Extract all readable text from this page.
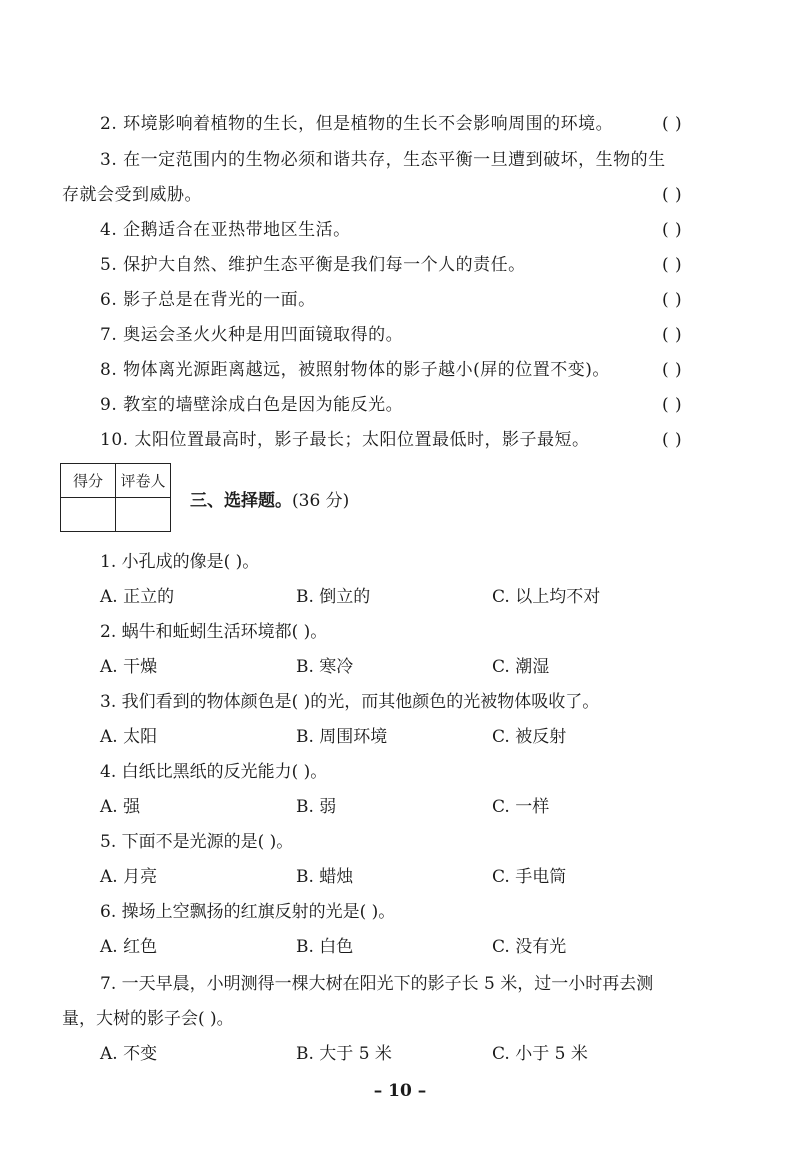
2. 环境影响着植物的生长，但是植物的生长不会影响周围的环境。	( )
3. 在一定范围内的生物必须和谐共存，生态平衡一旦遭到破坏，生物的生
存就会受到威胁。	( )
4. 企鹅适合在亚热带地区生活。	( )
5. 保护大自然、维护生态平衡是我们每一个人的责任。	( )
6. 影子总是在背光的一面。	( )
7. 奥运会圣火火种是用凹面镜取得的。	( )
8. 物体离光源距离越远，被照射物体的影子越小(屏的位置不变)。	( )
9. 教室的墙壁涂成白色是因为能反光。	( )
10. 太阳位置最高时，影子最长；太阳位置最低时，影子最短。	( )
得分	评卷人

三、选择题。(36 分)
1. 小孔成的像是( )。
A. 正立的	B. 倒立的	C. 以上均不对
2. 蜗牛和蚯蚓生活环境都( )。
A. 干燥	B. 寒冷	C. 潮湿
3. 我们看到的物体颜色是( )的光，而其他颜色的光被物体吸收了。
A. 太阳	B. 周围环境	C. 被反射
4. 白纸比黑纸的反光能力( )。
A. 强	B. 弱	C. 一样
5. 下面不是光源的是( )。
A. 月亮	B. 蜡烛	C. 手电筒
6. 操场上空飘扬的红旗反射的光是( )。
A. 红色	B. 白色	C. 没有光
7. 一天早晨，小明测得一棵大树在阳光下的影子长 5 米，过一小时再去测
量，大树的影子会( )。
A. 不变	B. 大于 5 米	C. 小于 5 米
– 10 –
